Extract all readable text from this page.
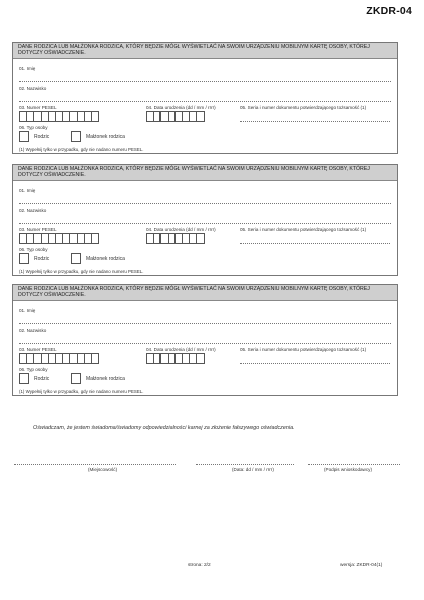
ZKDR-04
DANE RODZICA LUB MAŁŻONKA RODZICA, KTÓRY BĘDZIE MÓGŁ WYŚWIETLAĆ NA SWOIM URZĄDZENIU MOBILNYM KARTĘ OSOBY, KTÓREJ DOTYCZY OŚWIADCZENIE.
01. Imię
02. Nazwisko
03. Numer PESEL	04. Data urodzenia (dd / mm / rrrr)	05. Seria i numer dokumentu potwierdzającego tożsamość (1)
06. Typ osoby
Rodzic	Małżonek rodzica
(1) Wypełnij tylko w przypadku, gdy nie nadano numeru PESEL.
DANE RODZICA LUB MAŁŻONKA RODZICA, KTÓRY BĘDZIE MÓGŁ WYŚWIETLAĆ NA SWOIM URZĄDZENIU MOBILNYM KARTĘ OSOBY, KTÓREJ DOTYCZY OŚWIADCZENIE.
01. Imię
02. Nazwisko
03. Numer PESEL	04. Data urodzenia (dd / mm / rrrr)	05. Seria i numer dokumentu potwierdzającego tożsamość (1)
06. Typ osoby
Rodzic	Małżonek rodzica
(1) Wypełnij tylko w przypadku, gdy nie nadano numeru PESEL.
DANE RODZICA LUB MAŁŻONKA RODZICA, KTÓRY BĘDZIE MÓGŁ WYŚWIETLAĆ NA SWOIM URZĄDZENIU MOBILNYM KARTĘ OSOBY, KTÓREJ DOTYCZY OŚWIADCZENIE.
01. Imię
02. Nazwisko
03. Numer PESEL	04. Data urodzenia (dd / mm / rrrr)	05. Seria i numer dokumentu potwierdzającego tożsamość (1)
06. Typ osoby
Rodzic	Małżonek rodzica
(1) Wypełnij tylko w przypadku, gdy nie nadano numeru PESEL.
Oświadczam, że jestem świadoma/świadomy odpowiedzialności karnej za złożenie fałszywego oświadczenia.
(Miejscowość)	(Data: dd / mm / rrrr)	(Podpis wnioskodawcy)
strona: 2/2	wersja: ZKDR-04(1)
